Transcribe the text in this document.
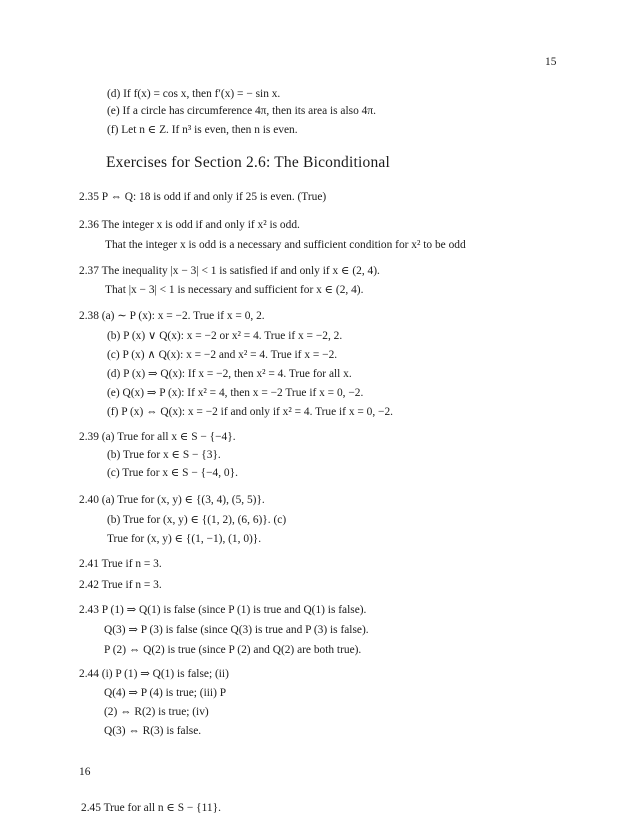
15
(d) If f(x) = cos x, then f′(x) = − sin x.
(e) If a circle has circumference 4π, then its area is also 4π.
(f) Let n ∈ Z. If n³ is even, then n is even.
Exercises for Section 2.6: The Biconditional
2.35 P ⇔ Q: 18 is odd if and only if 25 is even. (True)
2.36 The integer x is odd if and only if x² is odd.
That the integer x is odd is a necessary and sufficient condition for x² to be odd
2.37 The inequality |x − 3| < 1 is satisfied if and only if x ∈ (2, 4).
That |x − 3| < 1 is necessary and sufficient for x ∈ (2, 4).
2.38 (a) ∼ P (x): x = −2. True if x = 0, 2.
(b) P (x) ∨ Q(x): x = −2 or x² = 4. True if x = −2, 2.
(c) P (x) ∧ Q(x): x = −2 and x² = 4. True if x = −2.
(d) P (x) ⇒ Q(x): If x = −2, then x² = 4. True for all x.
(e) Q(x) ⇒ P (x): If x² = 4, then x = −2 True if x = 0, −2.
(f) P (x) ⇔ Q(x): x = −2 if and only if x² = 4. True if x = 0, −2.
2.39 (a) True for all x ∈ S − {−4}.
(b) True for x ∈ S − {3}.
(c) True for x ∈ S − {−4, 0}.
2.40 (a) True for (x, y) ∈ {(3, 4), (5, 5)}.
(b) True for (x, y) ∈ {(1, 2), (6, 6)}. (c)
True for (x, y) ∈ {(1, −1), (1, 0)}.
2.41 True if n = 3.
2.42 True if n = 3.
2.43 P (1) ⇒ Q(1) is false (since P (1) is true and Q(1) is false).
Q(3) ⇒ P (3) is false (since Q(3) is true and P (3) is false).
P (2) ⇔ Q(2) is true (since P (2) and Q(2) are both true).
2.44 (i) P (1) ⇒ Q(1) is false; (ii)
Q(4) ⇒ P (4) is true; (iii) P
(2) ⇔ R(2) is true; (iv)
Q(3) ⇔ R(3) is false.
16
2.45 True for all n ∈ S − {11}.
